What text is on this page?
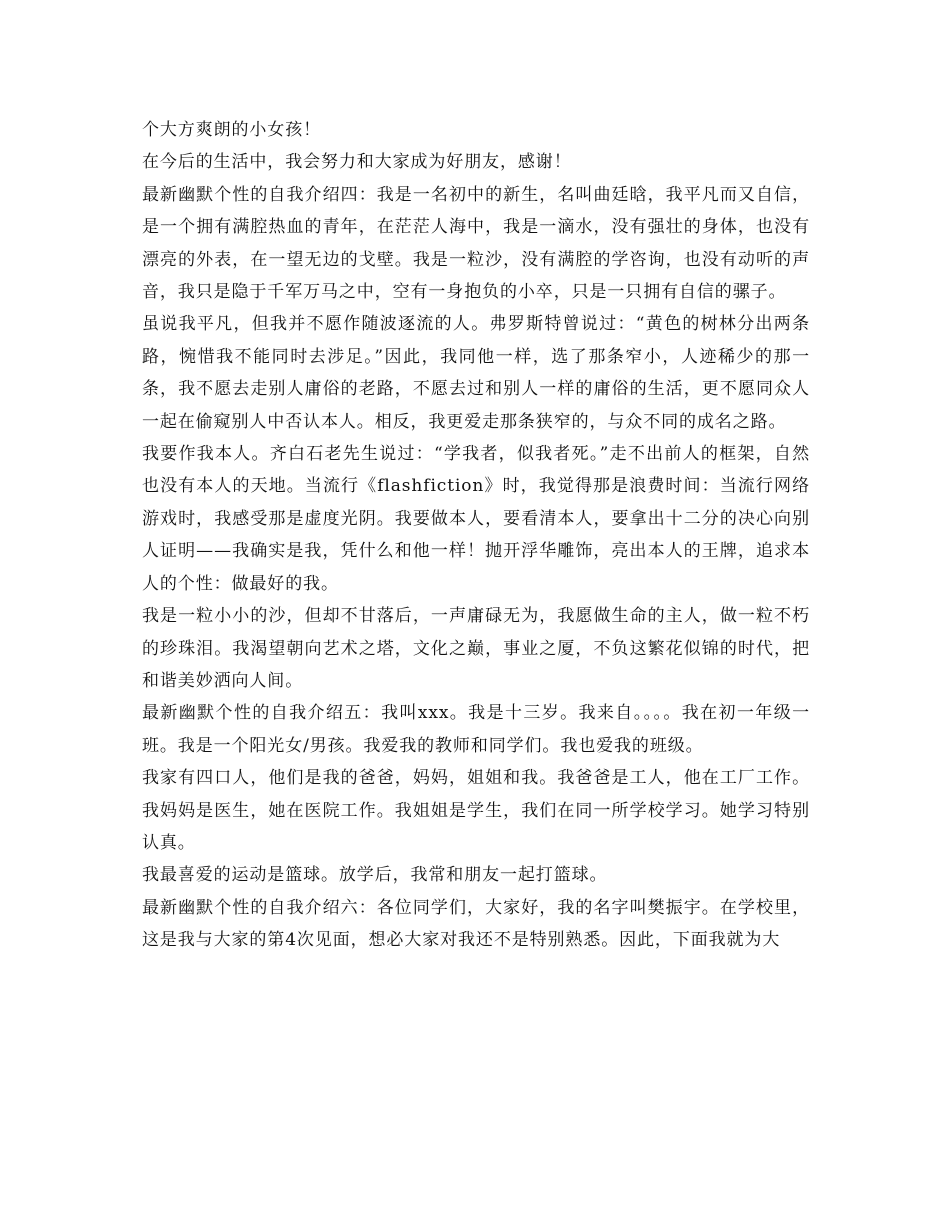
个大方爽朗的小女孩！

在今后的生活中，我会努力和大家成为好朋友，感谢！

最新幽默个性的自我介绍四：我是一名初中的新生，名叫曲廷晗，我平凡而又自信，是一个拥有满腔热血的青年，在茫茫人海中，我是一滴水，没有强壮的身体，也没有漂亮的外表，在一望无边的戈壁。我是一粒沙，没有满腔的学咨询，也没有动听的声音，我只是隐于千军万马之中，空有一身抱负的小卒，只是一只拥有自信的骡子。

虽说我平凡，但我并不愿作随波逐流的人。弗罗斯特曾说过：“黄色的树林分出两条路，惋惜我不能同时去涉足。”因此，我同他一样，选了那条窄小，人迹稀少的那一条，我不愿去走别人庸俗的老路，不愿去过和别人一样的庸俗的生活，更不愿同众人一起在偷窥别人中否认本人。相反，我更爱走那条狭窄的，与众不同的成名之路。

我要作我本人。齐白石老先生说过：“学我者，似我者死。”走不出前人的框架，自然也没有本人的天地。当流行《flashfiction》时，我觉得那是浪费时间：当流行网络游戏时，我感受那是虚度光阴。我要做本人，要看清本人，要拿出十二分的决心向别人证明——我确实是我，凭什么和他一样！抛开浮华雕饰，亮出本人的王牌，追求本人的个性：做最好的我。

我是一粒小小的沙，但却不甘落后，一声庸碌无为，我愿做生命的主人，做一粒不朽的珍珠泪。我渴望朝向艺术之塔，文化之巅，事业之厦，不负这繁花似锦的时代，把和谐美妙洒向人间。

最新幽默个性的自我介绍五：我叫xxx。我是十三岁。我来自。。。。我在初一年级一班。我是一个阳光女/男孩。我爱我的教师和同学们。我也爱我的班级。

我家有四口人，他们是我的爸爸，妈妈，姐姐和我。我爸爸是工人，他在工厂工作。我妈妈是医生，她在医院工作。我姐姐是学生，我们在同一所学校学习。她学习特别认真。

我最喜爱的运动是篮球。放学后，我常和朋友一起打篮球。

最新幽默个性的自我介绍六：各位同学们，大家好，我的名字叫樊振宇。在学校里，这是我与大家的第4次见面，想必大家对我还不是特别熟悉。因此，下面我就为大
